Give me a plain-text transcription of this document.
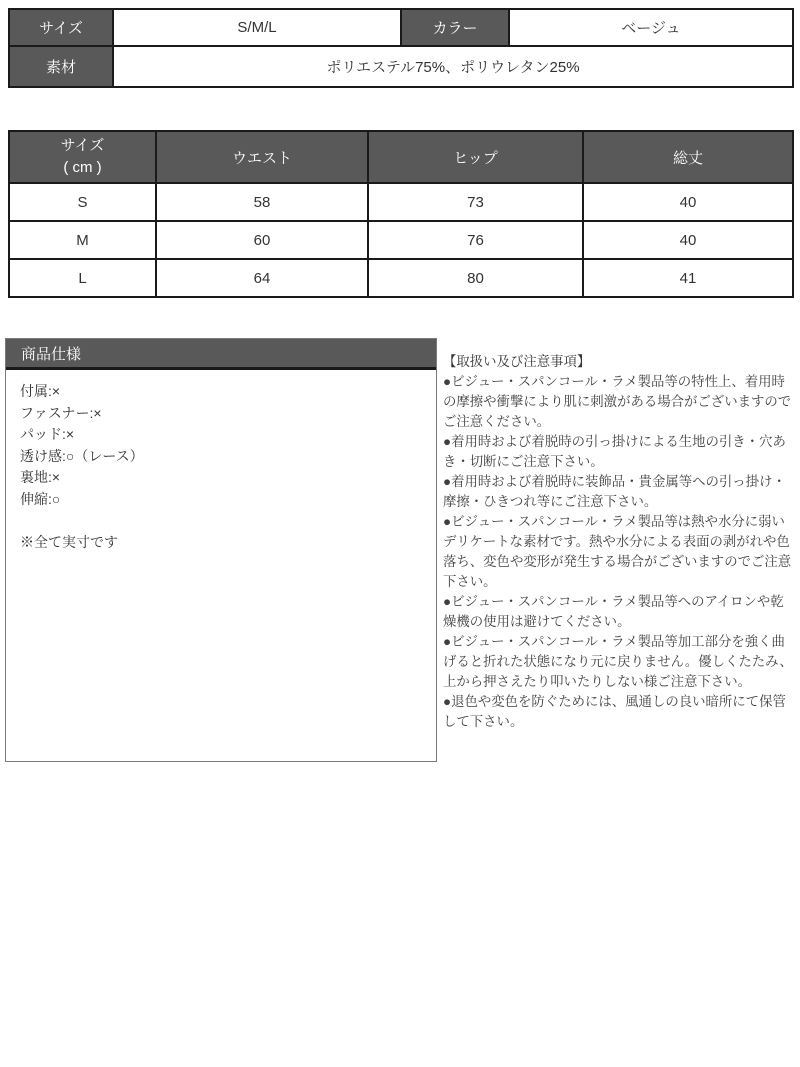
サイズ	S/M/L	カラー	ベージュ
素材	ポリエステル75%、ポリウレタン25%		
サイズ
( cm )	ウエスト	ヒップ	総丈
S	58	73	40
M	60	76	40
L	64	80	41
商品仕様

付属:×

ファスナー:×

パッド:×

透け感:○（レース）

裏地:×

伸縮:○

※全て実寸です

【取扱い及び注意事項】

●ビジュー・スパンコール・ラメ製品等の特性上、着用時の摩擦や衝撃により肌に刺激がある場合がございますのでご注意ください。

●着用時および着脱時の引っ掛けによる生地の引き・穴あき・切断にご注意下さい。

●着用時および着脱時に装飾品・貴金属等への引っ掛け・摩擦・ひきつれ等にご注意下さい。

●ビジュー・スパンコール・ラメ製品等は熱や水分に弱いデリケートな素材です。熱や水分による表面の剥がれや色落ち、変色や変形が発生する場合がございますのでご注意下さい。

●ビジュー・スパンコール・ラメ製品等へのアイロンや乾燥機の使用は避けてください。

●ビジュー・スパンコール・ラメ製品等加工部分を強く曲げると折れた状態になり元に戻りません。優しくたたみ、上から押さえたり叩いたりしない様ご注意下さい。

●退色や変色を防ぐためには、風通しの良い暗所にて保管して下さい。
